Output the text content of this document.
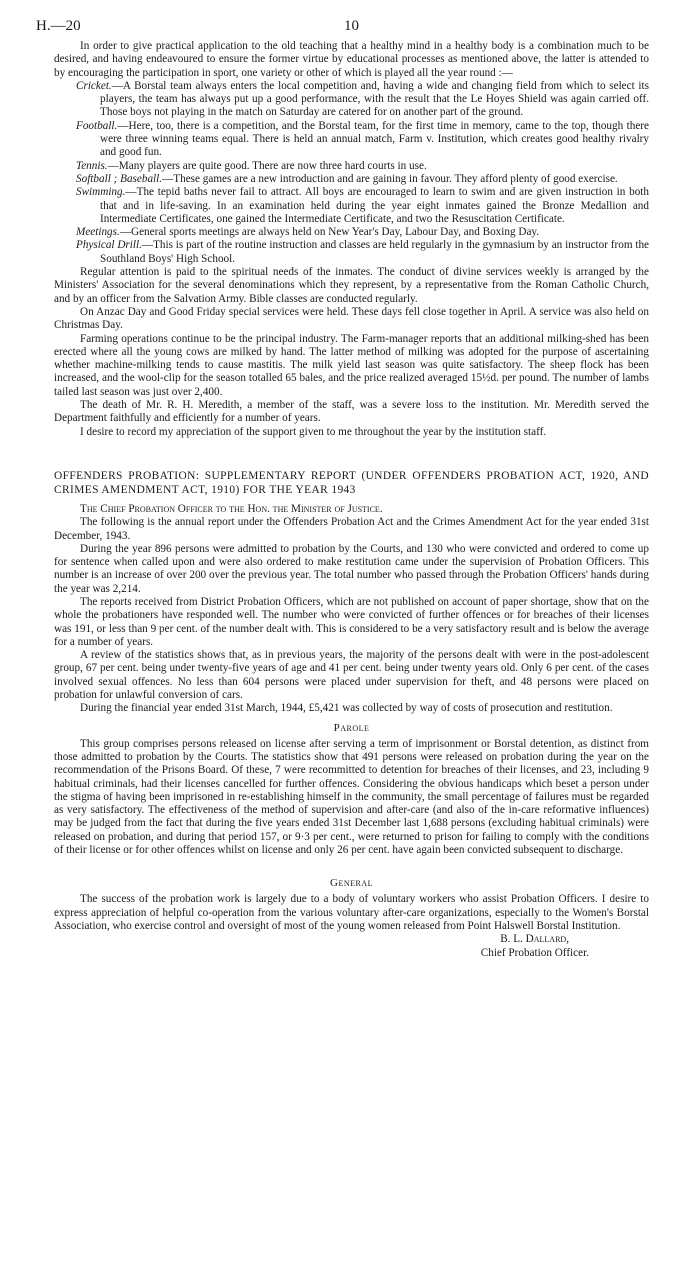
H.—20	10

In order to give practical application to the old teaching that a healthy mind in a healthy body is a combination much to be desired, and having endeavoured to ensure the former virtue by educational processes as mentioned above, the latter is attended to by encouraging the participation in sport, one variety or other of which is played all the year round :—

Cricket.—A Borstal team always enters the local competition and, having a wide and changing field from which to select its players, the team has always put up a good performance, with the result that the Le Hoyes Shield was again carried off. Those boys not playing in the match on Saturday are catered for on another part of the ground.

Football.—Here, too, there is a competition, and the Borstal team, for the first time in memory, came to the top, though there were three winning teams equal. There is held an annual match, Farm v. Institution, which creates good healthy rivalry and good fun.

Tennis.—Many players are quite good. There are now three hard courts in use.

Softball ; Baseball.—These games are a new introduction and are gaining in favour. They afford plenty of good exercise.

Swimming.—The tepid baths never fail to attract. All boys are encouraged to learn to swim and are given instruction in both that and in life-saving. In an examination held during the year eight inmates gained the Bronze Medallion and Intermediate Certificates, one gained the Intermediate Certificate, and two the Resuscitation Certificate.

Meetings.—General sports meetings are always held on New Year's Day, Labour Day, and Boxing Day.

Physical Drill.—This is part of the routine instruction and classes are held regularly in the gymnasium by an instructor from the Southland Boys' High School.

Regular attention is paid to the spiritual needs of the inmates. The conduct of divine services weekly is arranged by the Ministers' Association for the several denominations which they represent, by a representative from the Roman Catholic Church, and by an officer from the Salvation Army. Bible classes are conducted regularly.

On Anzac Day and Good Friday special services were held. These days fell close together in April. A service was also held on Christmas Day.

Farming operations continue to be the principal industry. The Farm-manager reports that an additional milking-shed has been erected where all the young cows are milked by hand. The latter method of milking was adopted for the purpose of ascertaining whether machine-milking tends to cause mastitis. The milk yield last season was quite satisfactory. The sheep flock has been increased, and the wool-clip for the season totalled 65 bales, and the price realized averaged 15½d. per pound. The number of lambs tailed last season was just over 2,400.

The death of Mr. R. H. Meredith, a member of the staff, was a severe loss to the institution. Mr. Meredith served the Department faithfully and efficiently for a number of years.

I desire to record my appreciation of the support given to me throughout the year by the institution staff.

OFFENDERS PROBATION: SUPPLEMENTARY REPORT (UNDER OFFENDERS PROBATION ACT, 1920, AND CRIMES AMENDMENT ACT, 1910) FOR THE YEAR 1943

The Chief Probation Officer to the Hon. the Minister of Justice.

The following is the annual report under the Offenders Probation Act and the Crimes Amendment Act for the year ended 31st December, 1943.

During the year 896 persons were admitted to probation by the Courts, and 130 who were convicted and ordered to come up for sentence when called upon and were also ordered to make restitution came under the supervision of Probation Officers. This number is an increase of over 200 over the previous year. The total number who passed through the Probation Officers' hands during the year was 2,214.

The reports received from District Probation Officers, which are not published on account of paper shortage, show that on the whole the probationers have responded well. The number who were convicted of further offences or for breaches of their licenses was 191, or less than 9 per cent. of the number dealt with. This is considered to be a very satisfactory result and is below the average for a number of years.

A review of the statistics shows that, as in previous years, the majority of the persons dealt with were in the post-adolescent group, 67 per cent. being under twenty-five years of age and 41 per cent. being under twenty years old. Only 6 per cent. of the cases involved sexual offences. No less than 604 persons were placed under supervision for theft, and 48 persons were placed on probation for unlawful conversion of cars.

During the financial year ended 31st March, 1944, £5,421 was collected by way of costs of prosecution and restitution.

Parole

This group comprises persons released on license after serving a term of imprisonment or Borstal detention, as distinct from those admitted to probation by the Courts. The statistics show that 491 persons were released on probation during the year on the recommendation of the Prisons Board. Of these, 7 were recommitted to detention for breaches of their licenses, and 23, including 9 habitual criminals, had their licenses cancelled for further offences. Considering the obvious handicaps which beset a person under the stigma of having been imprisoned in re-establishing himself in the community, the small percentage of failures must be regarded as very satisfactory. The effectiveness of the method of supervision and after-care (and also of the in-care reformative influences) may be judged from the fact that during the five years ended 31st December last 1,688 persons (excluding habitual criminals) were released on probation, and during that period 157, or 9·3 per cent., were returned to prison for failing to comply with the conditions of their license or for other offences whilst on license and only 26 per cent. have again been convicted subsequent to discharge.

General

The success of the probation work is largely due to a body of voluntary workers who assist Probation Officers. I desire to express appreciation of helpful co-operation from the various voluntary after-care organizations, especially to the Women's Borstal Association, who exercise control and oversight of most of the young women released from Point Halswell Borstal Institution.

B. L. Dallard,
Chief Probation Officer.
